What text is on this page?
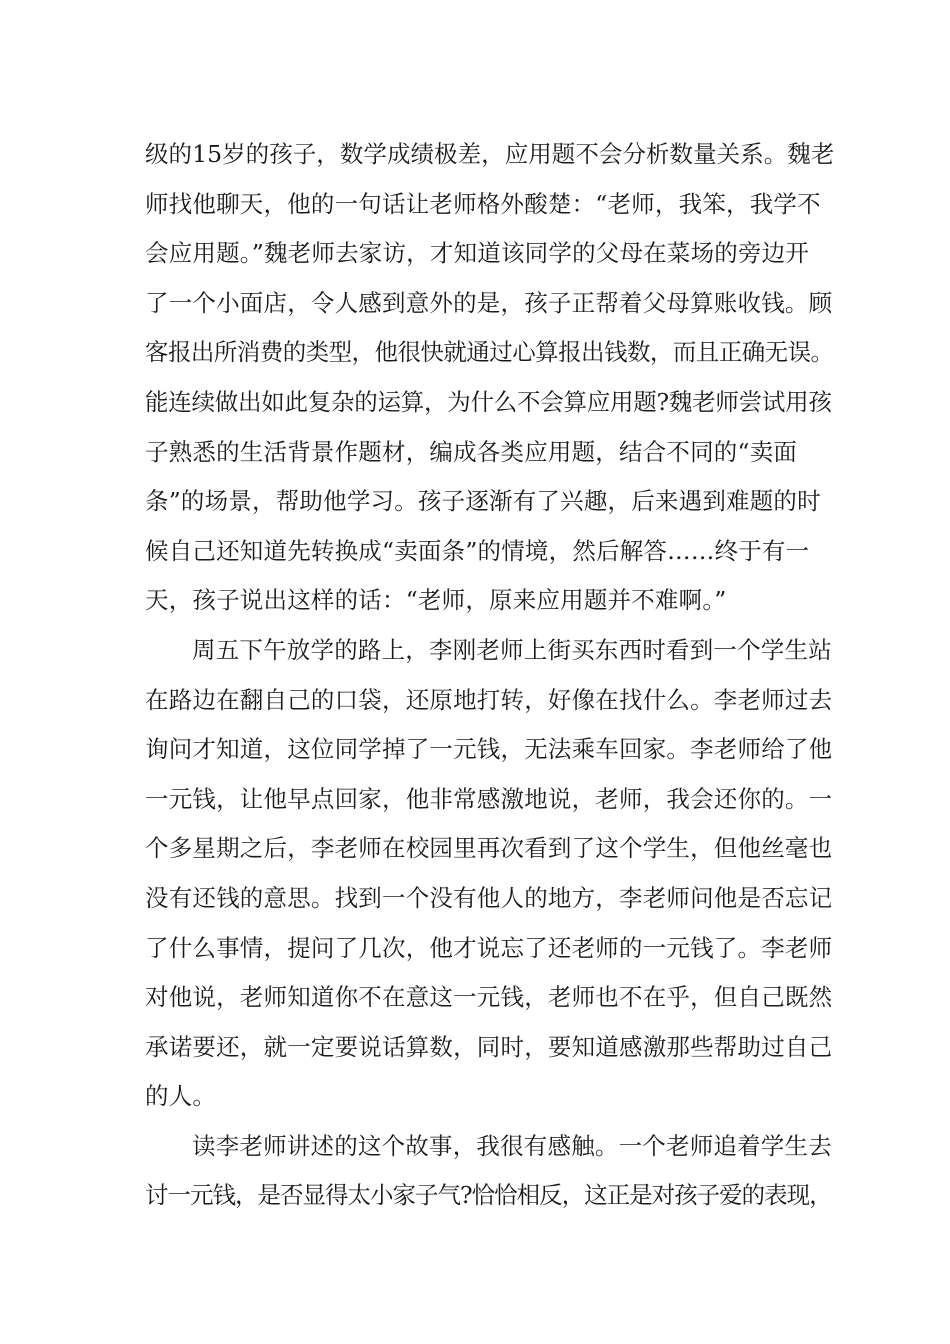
级的15岁的孩子，数学成绩极差，应用题不会分析数量关系。魏老
师找他聊天，他的一句话让老师格外酸楚：“老师，我笨，我学不
会应用题。”魏老师去家访，才知道该同学的父母在菜场的旁边开
了一个小面店，令人感到意外的是，孩子正帮着父母算账收钱。顾
客报出所消费的类型，他很快就通过心算报出钱数，而且正确无误。
能连续做出如此复杂的运算，为什么不会算应用题?魏老师尝试用孩
子熟悉的生活背景作题材，编成各类应用题，结合不同的“卖面
条”的场景，帮助他学习。孩子逐渐有了兴趣，后来遇到难题的时
候自己还知道先转换成“卖面条”的情境，然后解答……终于有一
天，孩子说出这样的话：“老师，原来应用题并不难啊。”
周五下午放学的路上，李刚老师上街买东西时看到一个学生站
在路边在翻自己的口袋，还原地打转，好像在找什么。李老师过去
询问才知道，这位同学掉了一元钱，无法乘车回家。李老师给了他
一元钱，让他早点回家，他非常感激地说，老师，我会还你的。一
个多星期之后，李老师在校园里再次看到了这个学生，但他丝毫也
没有还钱的意思。找到一个没有他人的地方，李老师问他是否忘记
了什么事情，提问了几次，他才说忘了还老师的一元钱了。李老师
对他说，老师知道你不在意这一元钱，老师也不在乎，但自己既然
承诺要还，就一定要说话算数，同时，要知道感激那些帮助过自己
的人。
读李老师讲述的这个故事，我很有感触。一个老师追着学生去
讨一元钱，是否显得太小家子气?恰恰相反，这正是对孩子爱的表现，
